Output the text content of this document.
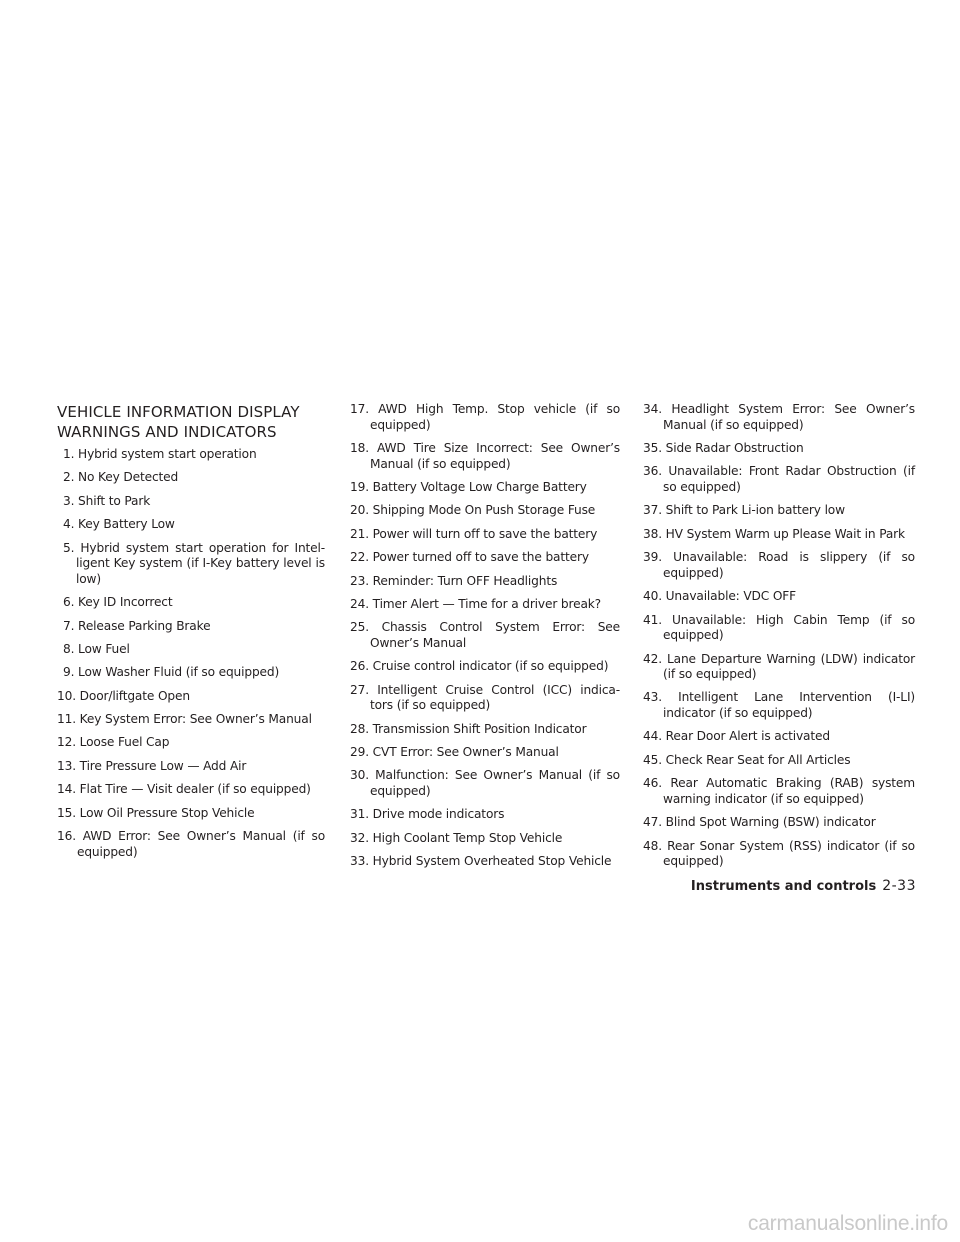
VEHICLE INFORMATION DISPLAY
WARNINGS AND INDICATORS
1. Hybrid system start operation
2. No Key Detected
3. Shift to Park
4. Key Battery Low
5. Hybrid system start operation for Intel-ligent Key system (if I-Key battery level is low)
6. Key ID Incorrect
7. Release Parking Brake
8. Low Fuel
9. Low Washer Fluid (if so equipped)
10. Door/liftgate Open
11. Key System Error: See Owner’s Manual
12. Loose Fuel Cap
13. Tire Pressure Low — Add Air
14. Flat Tire — Visit dealer (if so equipped)
15. Low Oil Pressure Stop Vehicle
16. AWD Error: See Owner’s Manual (if so equipped)
17. AWD High Temp. Stop vehicle (if so equipped)
18. AWD Tire Size Incorrect: See Owner’s Manual (if so equipped)
19. Battery Voltage Low Charge Battery
20. Shipping Mode On Push Storage Fuse
21. Power will turn off to save the battery
22. Power turned off to save the battery
23. Reminder: Turn OFF Headlights
24. Timer Alert — Time for a driver break?
25. Chassis Control System Error: See Owner’s Manual
26. Cruise control indicator (if so equipped)
27. Intelligent Cruise Control (ICC) indica-tors (if so equipped)
28. Transmission Shift Position Indicator
29. CVT Error: See Owner’s Manual
30. Malfunction: See Owner’s Manual (if so equipped)
31. Drive mode indicators
32. High Coolant Temp Stop Vehicle
33. Hybrid System Overheated Stop Vehicle
34. Headlight System Error: See Owner’s Manual (if so equipped)
35. Side Radar Obstruction
36. Unavailable: Front Radar Obstruction (if so equipped)
37. Shift to Park Li-ion battery low
38. HV System Warm up Please Wait in Park
39. Unavailable: Road is slippery (if so equipped)
40. Unavailable: VDC OFF
41. Unavailable: High Cabin Temp (if so equipped)
42. Lane Departure Warning (LDW) indicator (if so equipped)
43. Intelligent Lane Intervention (I-LI) indicator (if so equipped)
44. Rear Door Alert is activated
45. Check Rear Seat for All Articles
46. Rear Automatic Braking (RAB) system warning indicator (if so equipped)
47. Blind Spot Warning (BSW) indicator
48. Rear Sonar System (RSS) indicator (if so equipped)
Instruments and controls 2-33
carmanualsonline.info
